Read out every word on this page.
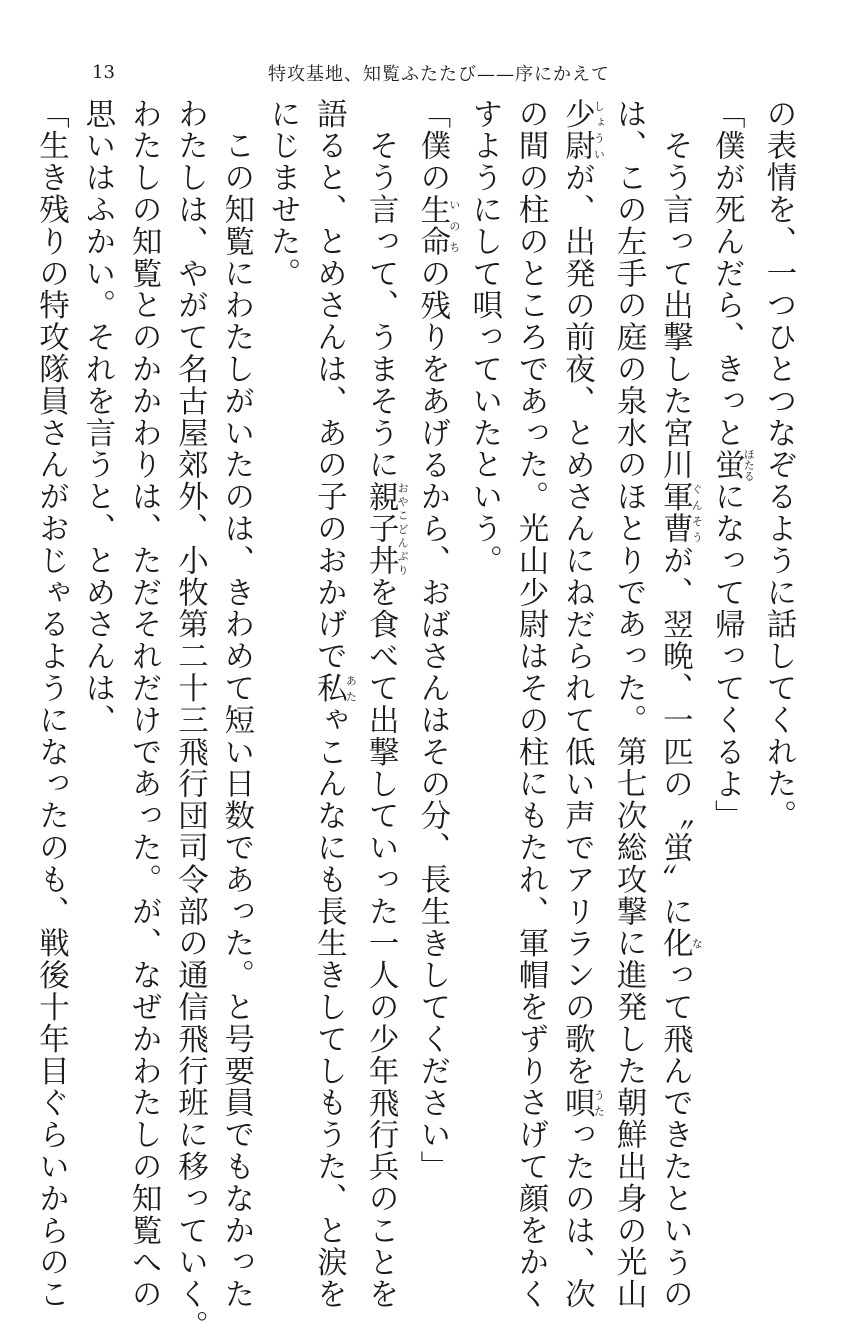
13	特攻基地、知覧ふたたび——序にかえて
の表情を、一つひとつなぞるように話してくれた。
「僕が死んだら、きっと蛍ほたるになって帰ってくるよ」
　そう言って出撃した宮川軍曹ぐんそうが、翌晩、一匹の〝蛍〟に化なって飛んできたというの
は、この左手の庭の泉水のほとりであった。第七次総攻撃に進発した朝鮮出身の光山
少尉しょういが、出発の前夜、とめさんにねだられて低い声でアリランの歌を唄うたったのは、次
の間の柱のところであった。光山少尉はその柱にもたれ、軍帽をずりさげて顔をかく
すようにして唄っていたという。
「僕の生命いのちの残りをあげるから、おばさんはその分、長生きしてください」
　そう言って、うまそうに親子丼おやこどんぶりを食べて出撃していった一人の少年飛行兵のことを
語ると、とめさんは、あの子のおかげで私あたゃこんなにも長生きしてしもうた、と涙を
にじませた。
　この知覧にわたしがいたのは、きわめて短い日数であった。と号要員でもなかった
わたしは、やがて名古屋郊外、小牧第二十三飛行団司令部の通信飛行班に移っていく。
わたしの知覧とのかかわりは、ただそれだけであった。が、なぜかわたしの知覧への
思いはふかい。それを言うと、とめさんは、
「生き残りの特攻隊員さんがおじゃるようになったのも、戦後十年目ぐらいからのこ
